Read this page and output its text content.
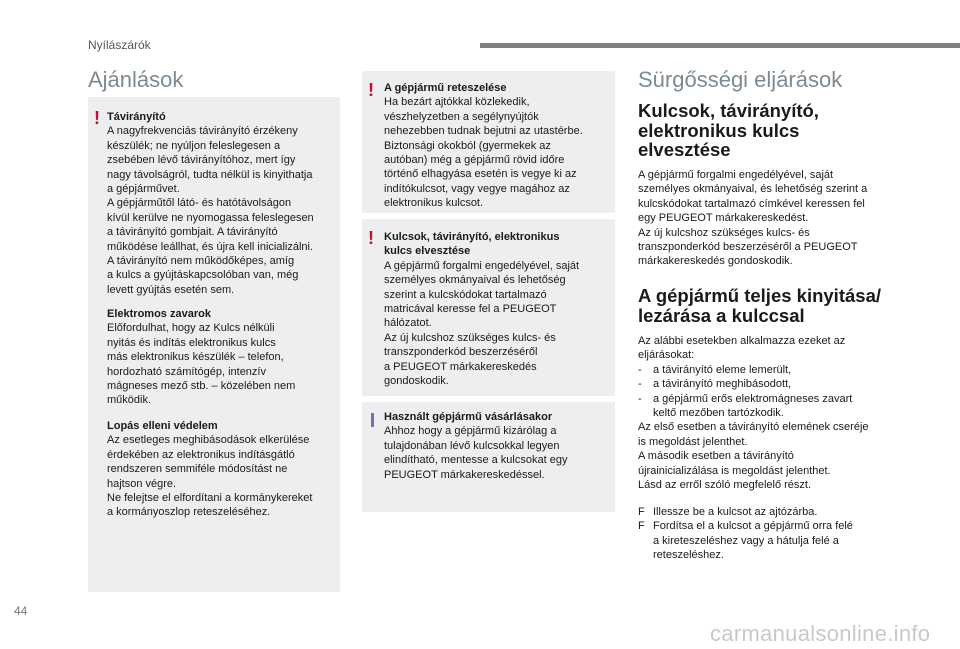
Nyílászárók
Ajánlások
! Távirányító
A nagyfrekvenciás távirányító érzékeny
készülék; ne nyúljon feleslegesen a
zsebében lévő távirányítóhoz, mert így
nagy távolságról, tudta nélkül is kinyithatja
a gépjárművet.
A gépjárműtől látó- és hatótávolságon
kívül kerülve ne nyomogassa feleslegesen
a távirányító gombjait. A távirányító
működése leállhat, és újra kell inicializálni.
A távirányító nem működőképes, amíg
a kulcs a gyújtáskapcsolóban van, még
levett gyújtás esetén sem.
Elektromos zavarok
Előfordulhat, hogy az Kulcs nélküli
nyitás és indítás elektronikus kulcs
más elektronikus készülék – telefon,
hordozható számítógép, intenzív
mágneses mező stb. – közelében nem
működik.
Lopás elleni védelem
Az esetleges meghibásodások elkerülése
érdekében az elektronikus indításgátló
rendszeren semmiféle módosítást ne
hajtson végre.
Ne felejtse el elfordítani a kormánykereket
a kormányoszlop reteszeléséhez.
! A gépjármű reteszelése
Ha bezárt ajtókkal közlekedik,
vészhelyzetben a segélynyújtók
nehezebben tudnak bejutni az utastérbe.
Biztonsági okokból (gyermekek az
autóban) még a gépjármű rövid időre
történő elhagyása esetén is vegye ki az
indítókulcsot, vagy vegye magához az
elektronikus kulcsot.
! Kulcsok, távirányító, elektronikus
kulcs elvesztése
A gépjármű forgalmi engedélyével, saját
személyes okmányaival és lehetőség
szerint a kulcskódokat tartalmazó
matricával keresse fel a PEUGEOT
hálózatot.
Az új kulcshoz szükséges kulcs- és
transzponderkód beszerzéséről
a PEUGEOT márkakereskedés
gondoskodik.
Használt gépjármű vásárlásakor
Ahhoz hogy a gépjármű kizárólag a
tulajdonában lévő kulcsokkal legyen
elindítható, mentesse a kulcsokat egy
PEUGEOT márkakereskedéssel.
Sürgősségi eljárások
Kulcsok, távirányító,
elektronikus kulcs
elvesztése
A gépjármű forgalmi engedélyével, saját
személyes okmányaival, és lehetőség szerint a
kulcskódokat tartalmazó címkével keressen fel
egy PEUGEOT márkakereskedést.
Az új kulcshoz szükséges kulcs- és
transzponderkód beszerzéséről a PEUGEOT
márkakereskedés gondoskodik.
A gépjármű teljes kinyitása/
lezárása a kulccsal
Az alábbi esetekben alkalmazza ezeket az
eljárásokat:
- a távirányító eleme lemerült,
- a távirányító meghibásodott,
- a gépjármű erős elektromágneses zavart
keltő mezőben tartózkodik.
Az első esetben a távirányító elemének cseréje
is megoldást jelenthet.
A második esetben a távirányító
újrainicializálása is megoldást jelenthet.
Lásd az erről szóló megfelelő részt.
F Illessze be a kulcsot az ajtózárba.
F Fordítsa el a kulcsot a gépjármű orra felé
a kireteszeléshez vagy a hátulja felé a
reteszeléshez.
44
carmanualsonline.info
